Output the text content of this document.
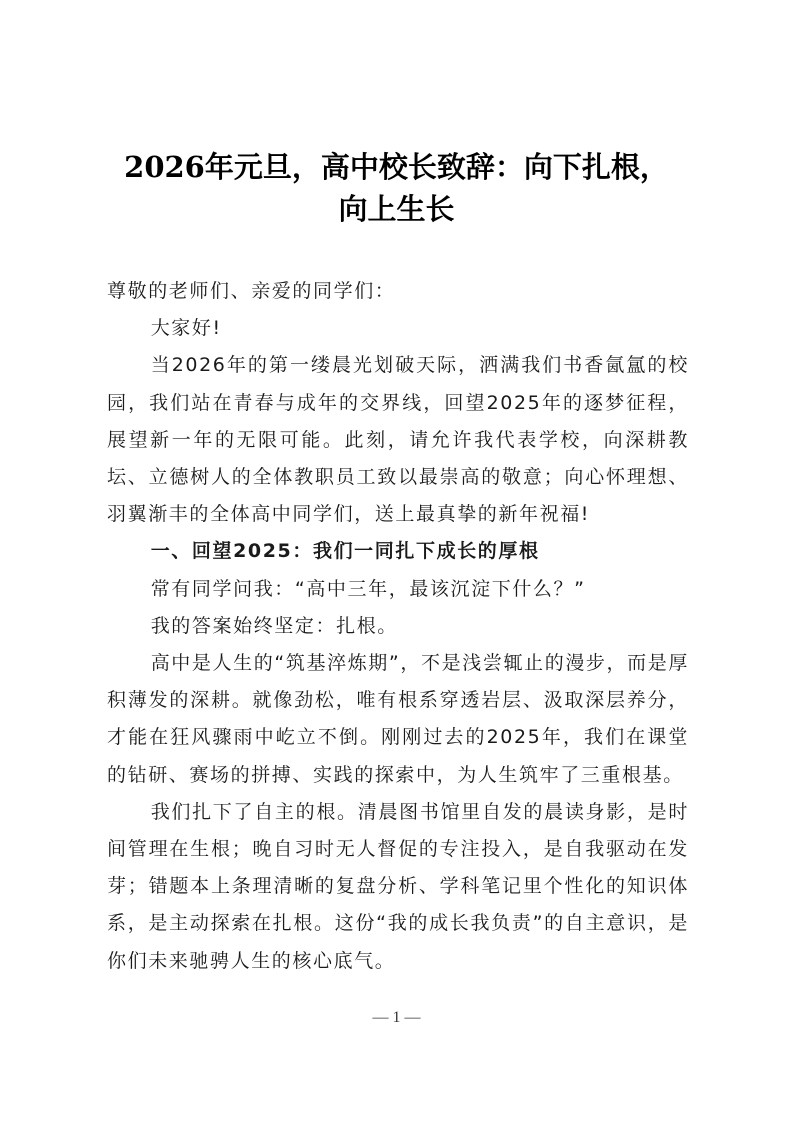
2026年元旦，高中校长致辞：向下扎根，
向上生长

尊敬的老师们、亲爱的同学们：

大家好!

当2026年的第一缕晨光划破天际，洒满我们书香氤氲的校园，我们站在青春与成年的交界线，回望2025年的逐梦征程，展望新一年的无限可能。此刻，请允许我代表学校，向深耕教坛、立德树人的全体教职员工致以最崇高的敬意；向心怀理想、羽翼渐丰的全体高中同学们，送上最真挚的新年祝福!

一、回望2025：我们一同扎下成长的厚根

常有同学问我：“高中三年，最该沉淀下什么？”

我的答案始终坚定：扎根。

高中是人生的“筑基淬炼期”，不是浅尝辄止的漫步，而是厚积薄发的深耕。就像劲松，唯有根系穿透岩层、汲取深层养分，才能在狂风骤雨中屹立不倒。刚刚过去的2025年，我们在课堂的钻研、赛场的拼搏、实践的探索中，为人生筑牢了三重根基。

我们扎下了自主的根。清晨图书馆里自发的晨读身影，是时间管理在生根；晚自习时无人督促的专注投入，是自我驱动在发芽；错题本上条理清晰的复盘分析、学科笔记里个性化的知识体系，是主动探索在扎根。这份“我的成长我负责”的自主意识，是你们未来驰骋人生的核心底气。

— 1 —
